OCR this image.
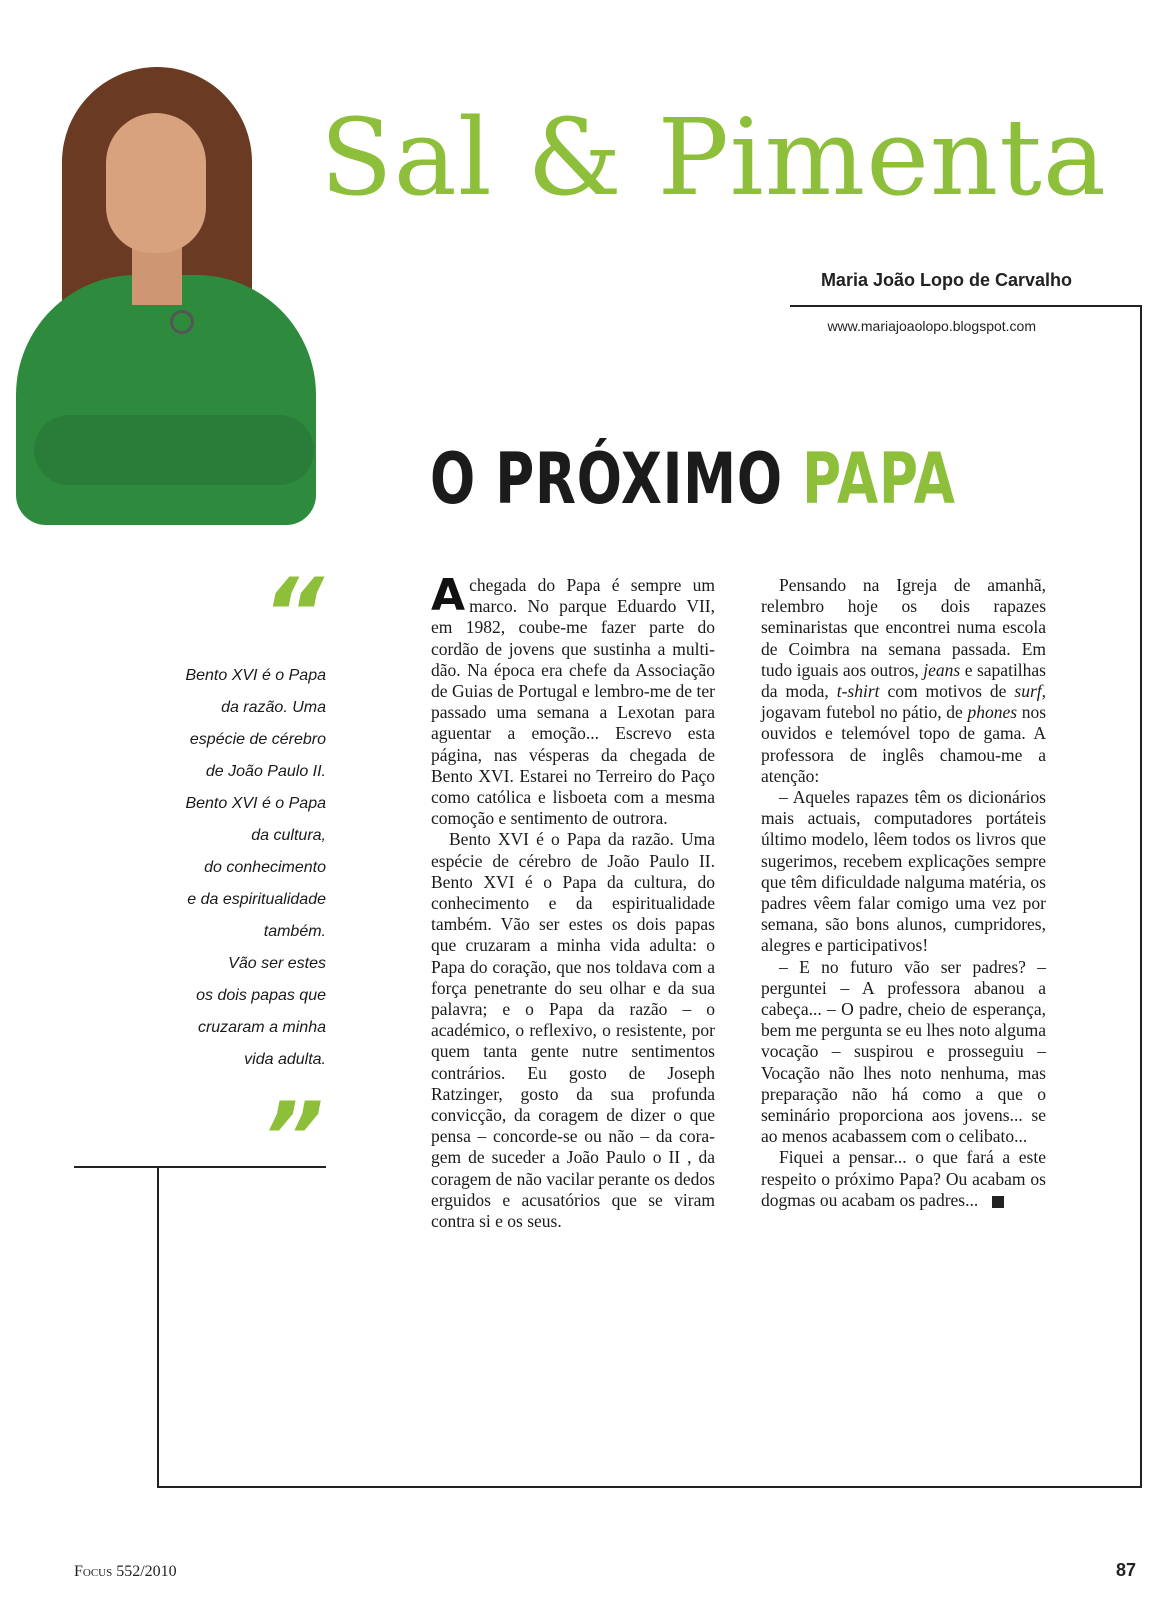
Sal & Pimenta
Maria João Lopo de Carvalho
www.mariajoaolopo.blogspot.com
O PRÓXIMO PAPA
“
Bento XVI é o Papa
da razão. Uma
espécie de cérebro
de João Paulo II.
Bento XVI é o Papa
da cultura,
do conhecimento
e da espiritualidade
também.
Vão ser estes
os dois papas que
cruzaram a minha
vida adulta.
”

Achegada do Papa é sempre um marco. No parque Eduardo VII, em 1982, coube-me fazer parte do cordão de jovens que sustinha a multidão. Na época era chefe da Associação de Guias de Portugal e lembro-me de ter passado uma semana a Lexotan para aguentar a emoção... Escrevo esta página, nas vésperas da chegada de Bento XVI. Estarei no Terreiro do Paço como católica e lisboeta com a mesma comoção e sentimento de outrora.

Bento XVI é o Papa da razão. Uma espécie de cérebro de João Paulo II. Bento XVI é o Papa da cultura, do conhecimento e da espiritualidade também. Vão ser estes os dois papas que cruzaram a minha vida adulta: o Papa do coração, que nos toldava com a força penetrante do seu olhar e da sua palavra; e o Papa da razão – o académico, o reflexivo, o resistente, por quem tanta gente nutre sentimentos contrários. Eu gosto de Joseph Ratzinger, gosto da sua profunda convicção, da coragem de dizer o que pensa – concorde-se ou não – da coragem de suceder a João Paulo o II , da coragem de não vacilar perante os dedos erguidos e acusatórios que se viram contra si e os seus.

Pensando na Igreja de amanhã, relembro hoje os dois rapazes seminaristas que encontrei numa escola de Coimbra na semana passada. Em tudo iguais aos outros, jeans e sapatilhas da moda, t-shirt com motivos de surf, jogavam futebol no pátio, de phones nos ouvidos e telemóvel topo de gama. A professora de inglês chamou-me a atenção:

– Aqueles rapazes têm os dicionários mais actuais, computadores portáteis último modelo, lêem todos os livros que sugerimos, recebem explicações sempre que têm dificuldade nalguma matéria, os padres vêem falar comigo uma vez por semana, são bons alunos, cumpridores, alegres e participativos!

– E no futuro vão ser padres? – perguntei – A professora abanou a cabeça... – O padre, cheio de esperança, bem me pergunta se eu lhes noto alguma vocação – suspirou e prosseguiu – Vocação não lhes noto nenhuma, mas preparação não há como a que o seminário proporciona aos jovens... se ao menos acabassem com o celibato...

Fiquei a pensar... o que fará a este respeito o próximo Papa? Ou acabam os dogmas ou acabam os padres...

Focus 552/2010	87
